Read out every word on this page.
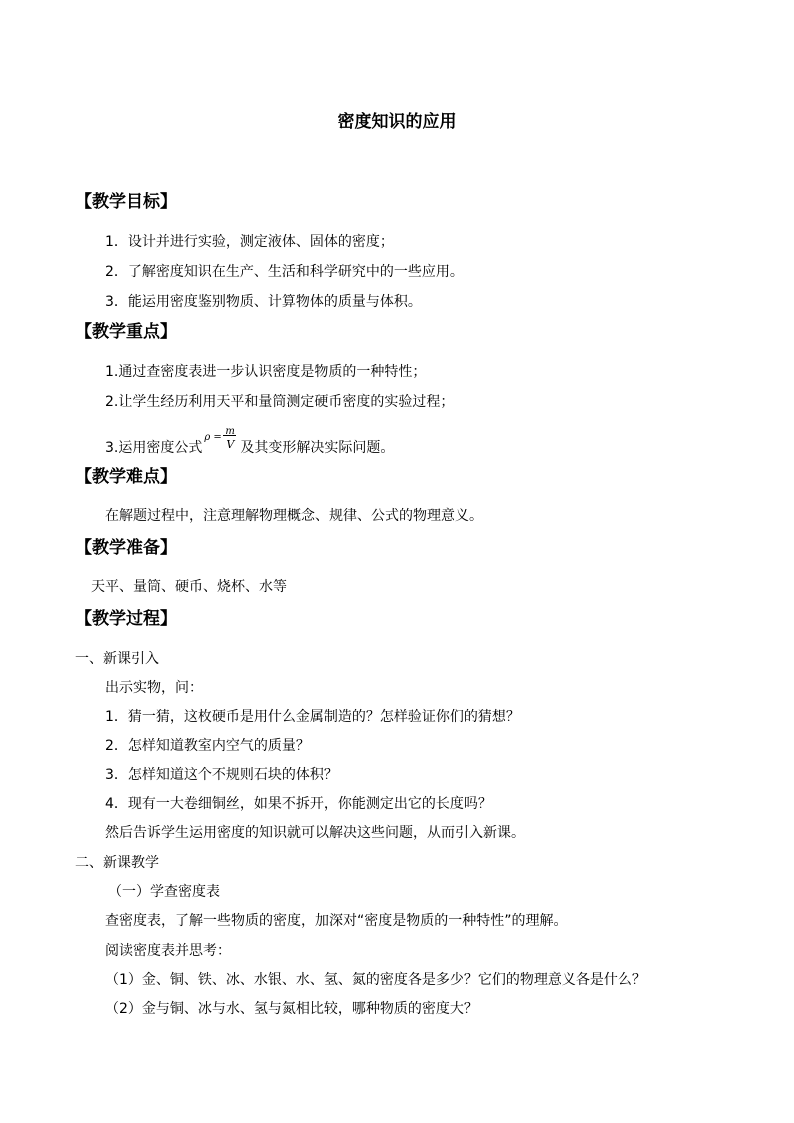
密度知识的应用
【教学目标】
1．设计并进行实验，测定液体、固体的密度；
2．了解密度知识在生产、生活和科学研究中的一些应用。
3．能运用密度鉴别物质、计算物体的质量与体积。
【教学重点】
1.通过查密度表进一步认识密度是物质的一种特性；
2.让学生经历利用天平和量筒测定硬币密度的实验过程；
3.运用密度公式
ρ =
m
V 及其变形解决实际问题。
【教学难点】
在解题过程中，注意理解物理概念、规律、公式的物理意义。
【教学准备】
天平、量筒、硬币、烧杯、水等
【教学过程】
一、新课引入
出示实物，问：
1．猜一猜，这枚硬币是用什么金属制造的？怎样验证你们的猜想？
2．怎样知道教室内空气的质量？
3．怎样知道这个不规则石块的体积？
4．现有一大卷细铜丝，如果不拆开，你能测定出它的长度吗？
然后告诉学生运用密度的知识就可以解决这些问题，从而引入新课。
二、新课教学
（一）学查密度表
查密度表，了解一些物质的密度，加深对“密度是物质的一种特性”的理解。
阅读密度表并思考：
（1）金、铜、铁、冰、水银、水、氢、氮的密度各是多少？它们的物理意义各是什么？
（2）金与铜、冰与水、氢与氮相比较，哪种物质的密度大？
